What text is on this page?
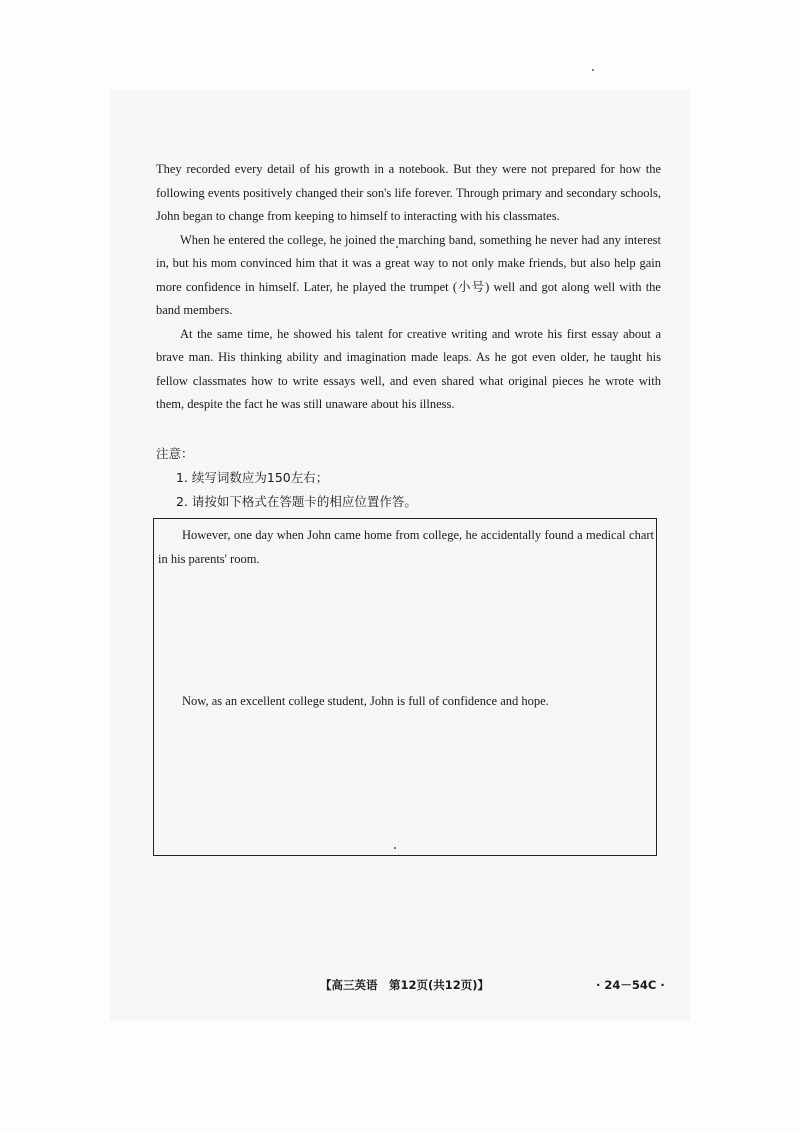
They recorded every detail of his growth in a notebook. But they were not prepared for how the following events positively changed their son's life forever. Through primary and secondary schools, John began to change from keeping to himself to interacting with his classmates.

When he entered the college, he joined the marching band, something he never had any interest in, but his mom convinced him that it was a great way to not only make friends, but also help gain more confidence in himself. Later, he played the trumpet (小号) well and got along well with the band members.

At the same time, he showed his talent for creative writing and wrote his first essay about a brave man. His thinking ability and imagination made leaps. As he got even older, he taught his fellow classmates how to write essays well, and even shared what original pieces he wrote with them, despite the fact he was still unaware about his illness.

注意：
1. 续写词数应为150左右；
2. 请按如下格式在答题卡的相应位置作答。
However, one day when John came home from college, he accidentally found a medical chart in his parents' room.
Now, as an excellent college student, John is full of confidence and hope.
【高三英语　第12页(共12页)】	· 24－54C ·
